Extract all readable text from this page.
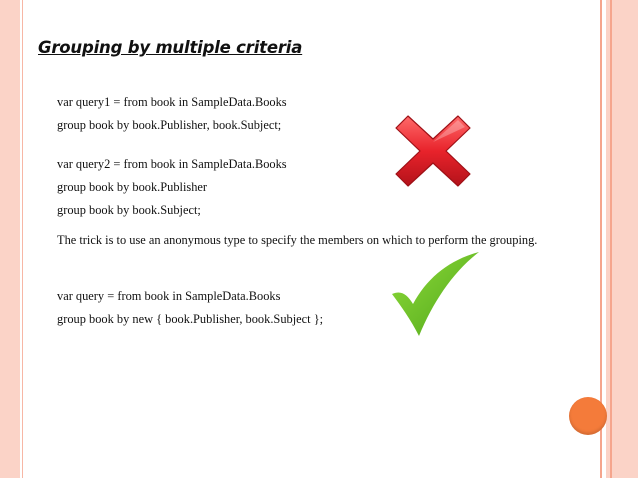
Grouping by multiple criteria
var query1 = from book in SampleData.Books
group book by book.Publisher, book.Subject;
var query2 = from book in SampleData.Books
group book by book.Publisher
group book by book.Subject;
The trick is to use an anonymous type to specify the members on which to perform the grouping.
var query = from book in SampleData.Books
group book by new { book.Publisher, book.Subject };
